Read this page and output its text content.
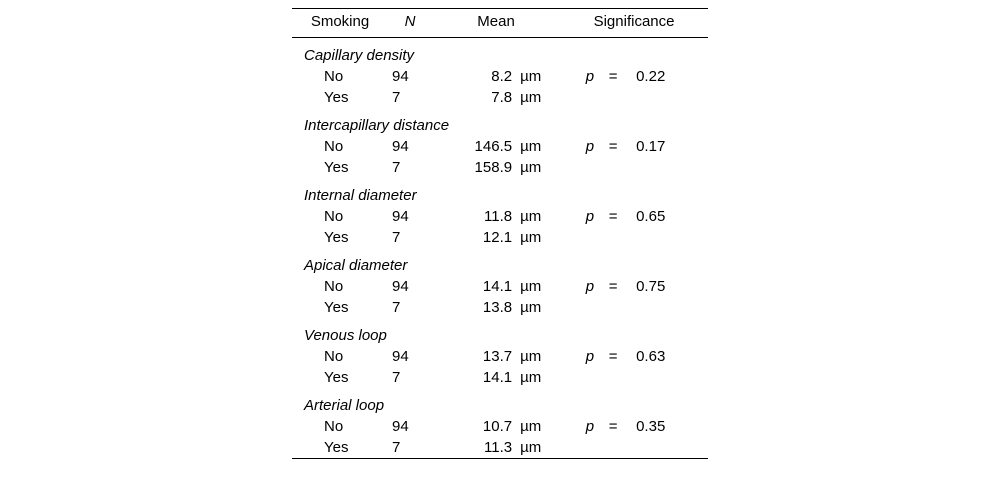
Smoking	N	Mean		Significance		
Capillary density						
No	94	8.2	µm	p	=	0.22
Yes	7	7.8	µm			
Intercapillary distance						
No	94	146.5	µm	p	=	0.17
Yes	7	158.9	µm			
Internal diameter						
No	94	11.8	µm	p	=	0.65
Yes	7	12.1	µm			
Apical diameter						
No	94	14.1	µm	p	=	0.75
Yes	7	13.8	µm			
Venous loop						
No	94	13.7	µm	p	=	0.63
Yes	7	14.1	µm			
Arterial loop						
No	94	10.7	µm	p	=	0.35
Yes	7	11.3	µm			
